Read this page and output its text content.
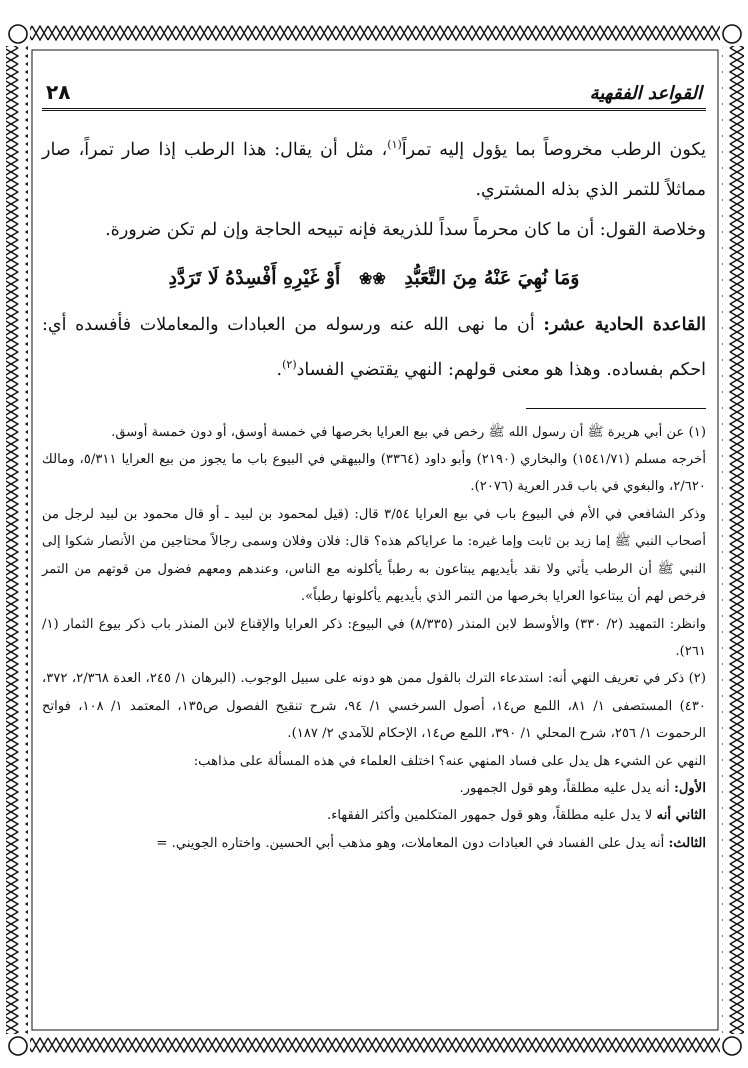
القواعد الفقهية
٢٨

يكون الرطب مخروصاً بما يؤول إليه تمراً$^{(١)}$، مثل أن يقال: هذا الرطب إذا صار تمراً، صار مماثلاً للتمر الذي بذله المشتري.

وخلاصة القول: أن ما كان محرماً سداً للذريعة فإنه تبيحه الحاجة وإن لم تكن ضرورة.

وَمَا نُهِيَ عَنْهُ مِنَ التَّعَبُّدِ ❀❀ أَوْ غَيْرِهِ أَفْسِدْهُ لَا تَرَدَّدِ

القاعدة الحادية عشر: أن ما نهى الله عنه ورسوله من العبادات والمعاملات فأفسده أي: احكم بفساده. وهذا هو معنى قولهم: النهي يقتضي الفساد$^{(٢)}$.

(١) عن أبي هريرة ﷺ أن رسول الله ﷺ رخص في بيع العرايا بخرصها في خمسة أوسق، أو دون خمسة أوسق.

أخرجه مسلم (١٥٤١/٧١) والبخاري (٢١٩٠) وأبو داود (٣٣٦٤) والبيهقي في البيوع باب ما يجوز من بيع العرايا ٥/٣١١، ومالك ٢/٦٢٠، والبغوي في باب قدر العرية (٢٠٧٦).

وذكر الشافعي في الأم في البيوع باب في بيع العرايا ٣/٥٤ قال: (قيل لمحمود بن لبيد ـ أو قال محمود بن لبيد لرجل من أصحاب النبي ﷺ إما زيد بن ثابت وإما غيره: ما عراياكم هذه؟ قال: فلان وفلان وسمى رجالاً محتاجين من الأنصار شكوا إلى النبي ﷺ أن الرطب يأتي ولا نقد بأيديهم يبتاعون به رطباً يأكلونه مع الناس، وعندهم ومعهم فضول من قوتهم من التمر فرخص لهم أن يبتاعوا العرايا بخرصها من التمر الذي بأيديهم يأكلونها رطباً».

وانظر: التمهيد (٢/ ٣٣٠) والأوسط لابن المنذر (٨/٣٣٥) في البيوع: ذكر العرايا والإقناع لابن المنذر باب ذكر بيوع الثمار (١/ ٢٦١).

(٢) ذكر في تعريف النهي أنه: استدعاء الترك بالقول ممن هو دونه على سبيل الوجوب. (البرهان ١/ ٢٤٥، العدة ٢/٣٦٨، ٣٧٢، ٤٣٠) المستصفى ١/ ٨١، اللمع ص١٤، أصول السرخسي ١/ ٩٤، شرح تنقيح الفصول ص١٣٥، المعتمد ١/ ١٠٨، فواتح الرحموت ١/ ٢٥٦، شرح المحلي ١/ ٣٩٠، اللمع ص١٤، الإحكام للآمدي ٢/ ١٨٧).

النهي عن الشيء هل يدل على فساد المنهي عنه؟ اختلف العلماء في هذه المسألة على مذاهب:

الأول: أنه يدل عليه مطلقاً، وهو قول الجمهور.

الثاني أنه لا يدل عليه مطلقاً، وهو قول جمهور المتكلمين وأكثر الفقهاء.

الثالث: أنه يدل على الفساد في العبادات دون المعاملات، وهو مذهب أبي الحسين. واختاره الجويني. =
